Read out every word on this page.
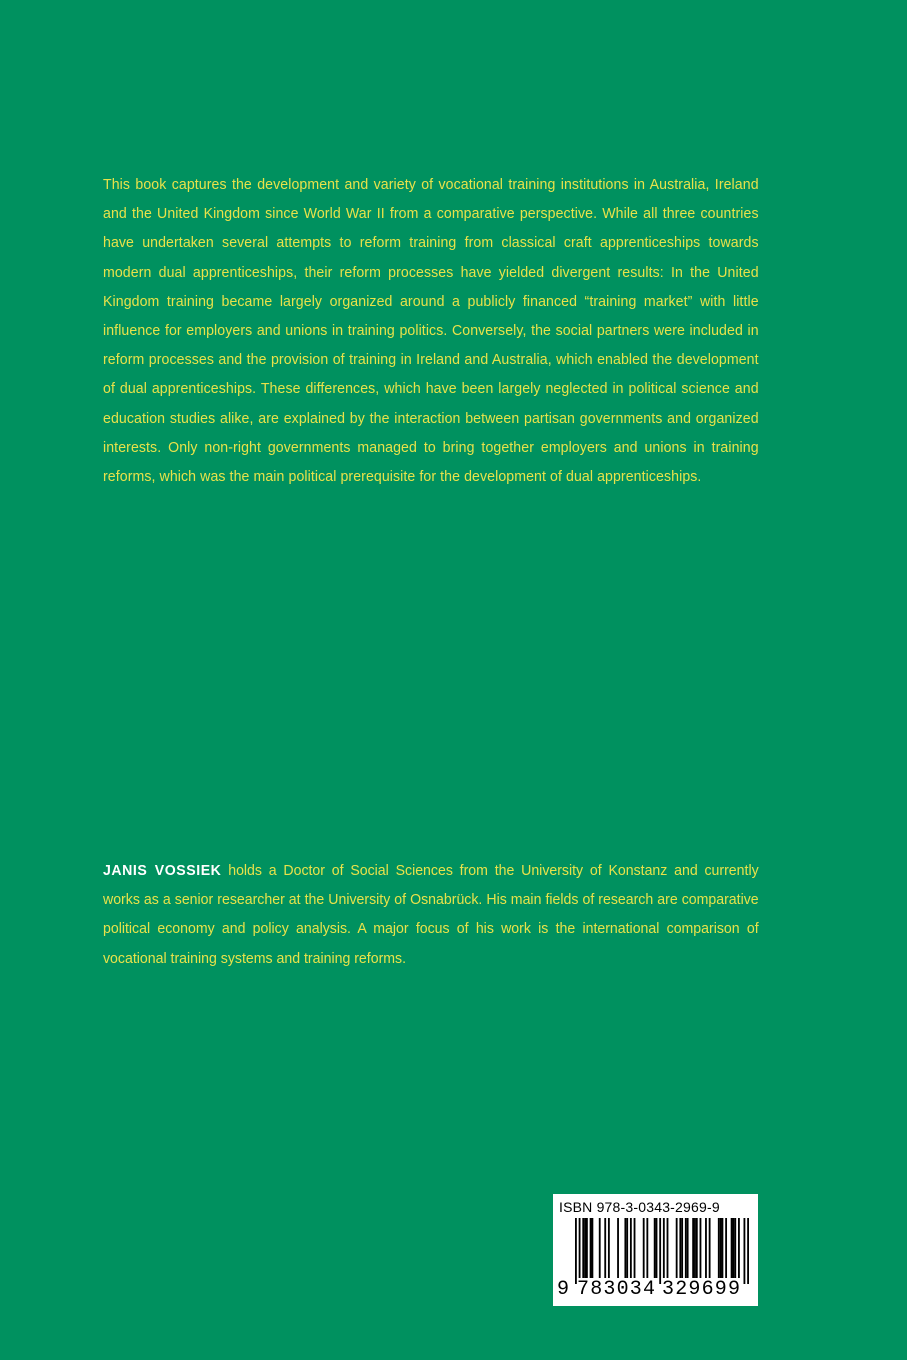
This book captures the development and variety of vocational training institutions in Australia, Ireland and the United Kingdom since World War II from a comparative perspective. While all three countries have undertaken several attempts to reform training from classical craft apprenticeships towards modern dual apprenticeships, their reform processes have yielded divergent results: In the United Kingdom training became largely organized around a publicly financed “training market” with little influence for employers and unions in training politics. Conversely, the social partners were included in reform processes and the provision of training in Ireland and Australia, which enabled the development of dual apprenticeships. These differences, which have been largely neglected in political science and education studies alike, are explained by the interaction between partisan governments and organized interests. Only non-right governments managed to bring together employers and unions in training reforms, which was the main political prerequisite for the development of dual apprenticeships.

JANIS VOSSIEK holds a Doctor of Social Sciences from the University of Konstanz and currently works as a senior researcher at the University of Osnabrück. His main fields of research are comparative political economy and policy analysis. A major focus of his work is the international comparison of vocational training systems and training reforms.

ISBN 978-3-0343-2969-9
9 783034 329699
